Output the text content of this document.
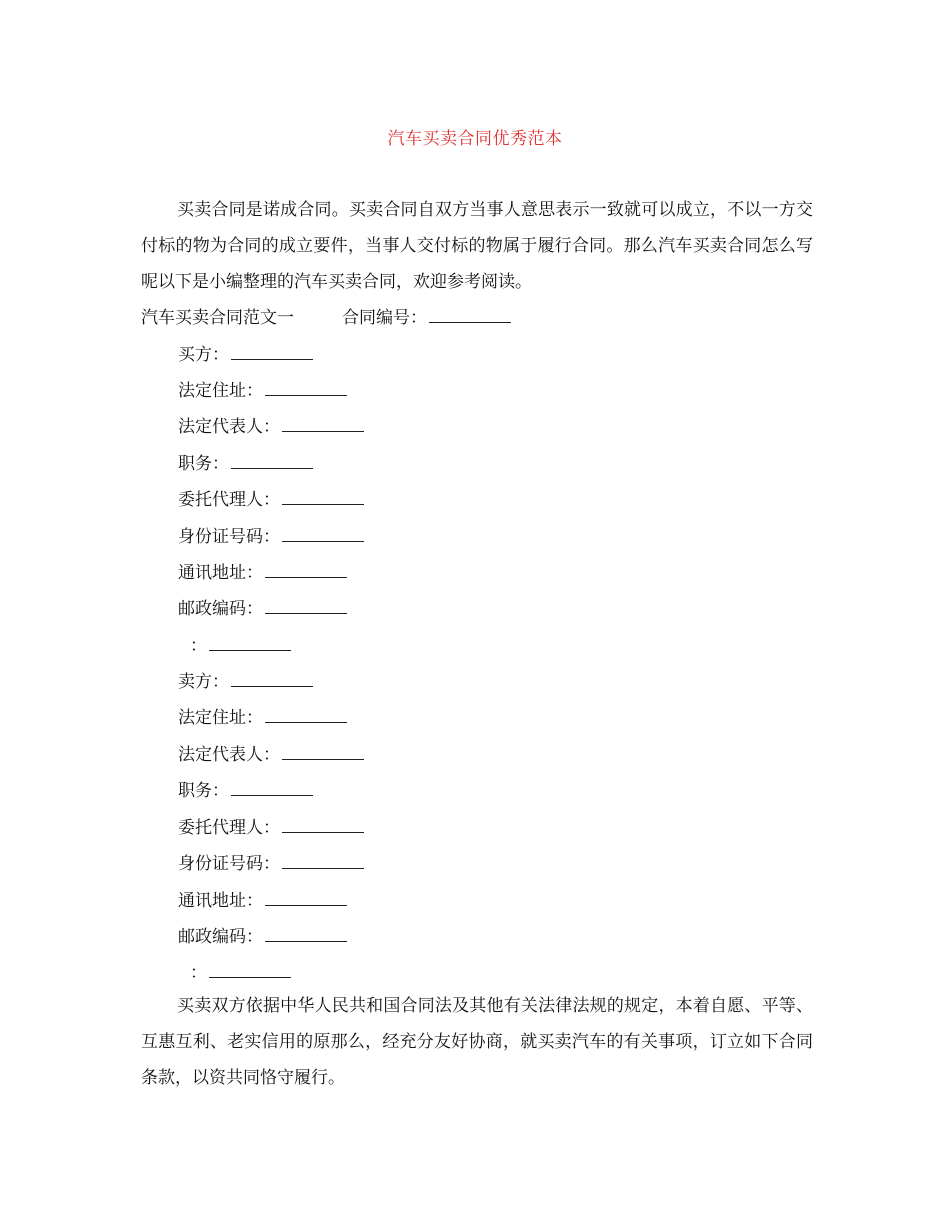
汽车买卖合同优秀范本

买卖合同是诺成合同。买卖合同自双方当事人意思表示一致就可以成立，不以一方交付标的物为合同的成立要件，当事人交付标的物属于履行合同。那么汽车买卖合同怎么写呢以下是小编整理的汽车买卖合同，欢迎参考阅读。

汽车买卖合同范文一	合同编号：
买方：
法定住址：
法定代表人：
职务：
委托代理人：
身份证号码：
通讯地址：
邮政编码：
：
卖方：
法定住址：
法定代表人：
职务：
委托代理人：
身份证号码：
通讯地址：
邮政编码：
：

买卖双方依据中华人民共和国合同法及其他有关法律法规的规定，本着自愿、平等、互惠互利、老实信用的原那么，经充分友好协商，就买卖汽车的有关事项，订立如下合同条款，以资共同恪守履行。
